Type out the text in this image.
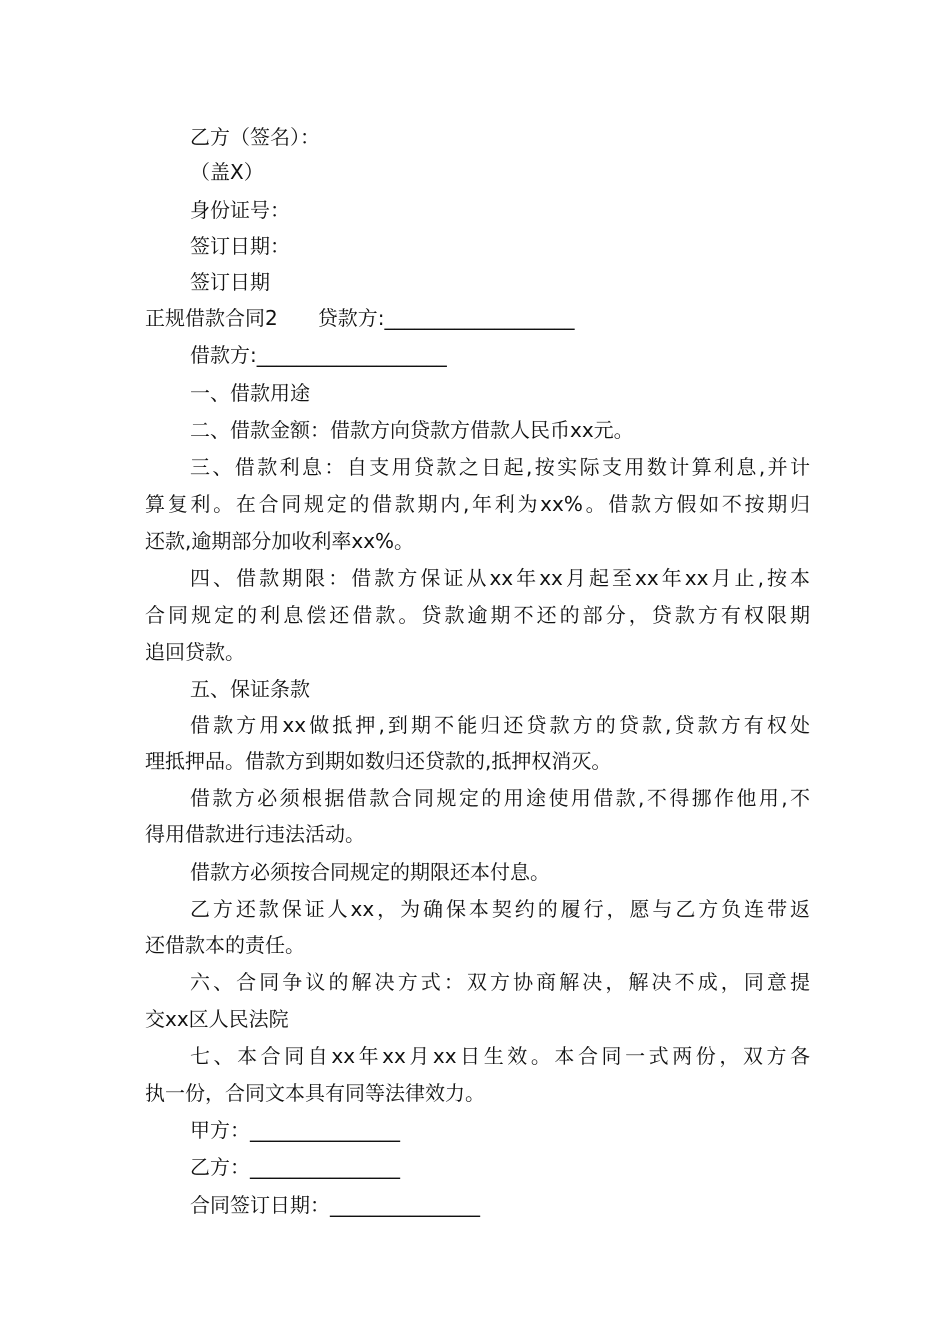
乙方（签名）：
（盖X）
身份证号：
签订日期：
签订日期
正规借款合同2　　贷款方:___________________
借款方:___________________
一、借款用途
二、借款金额：借款方向贷款方借款人民币xx元。
三、借款利息：自支用贷款之日起,按实际支用数计算利息,并计
算复利。在合同规定的借款期内,年利为xx%。借款方假如不按期归
还款,逾期部分加收利率xx%。
四、借款期限：借款方保证从xx年xx月起至xx年xx月止,按本
合同规定的利息偿还借款。贷款逾期不还的部分，贷款方有权限期
追回贷款。
五、保证条款
借款方用xx做抵押,到期不能归还贷款方的贷款,贷款方有权处
理抵押品。借款方到期如数归还贷款的,抵押权消灭。
借款方必须根据借款合同规定的用途使用借款,不得挪作他用,不
得用借款进行违法活动。
借款方必须按合同规定的期限还本付息。
乙方还款保证人xx，为确保本契约的履行，愿与乙方负连带返
还借款本的责任。
六、合同争议的解决方式：双方协商解决，解决不成，同意提
交xx区人民法院
七、本合同自xx年xx月xx日生效。本合同一式两份，双方各
执一份，合同文本具有同等法律效力。
甲方：_______________
乙方：_______________
合同签订日期：_______________
